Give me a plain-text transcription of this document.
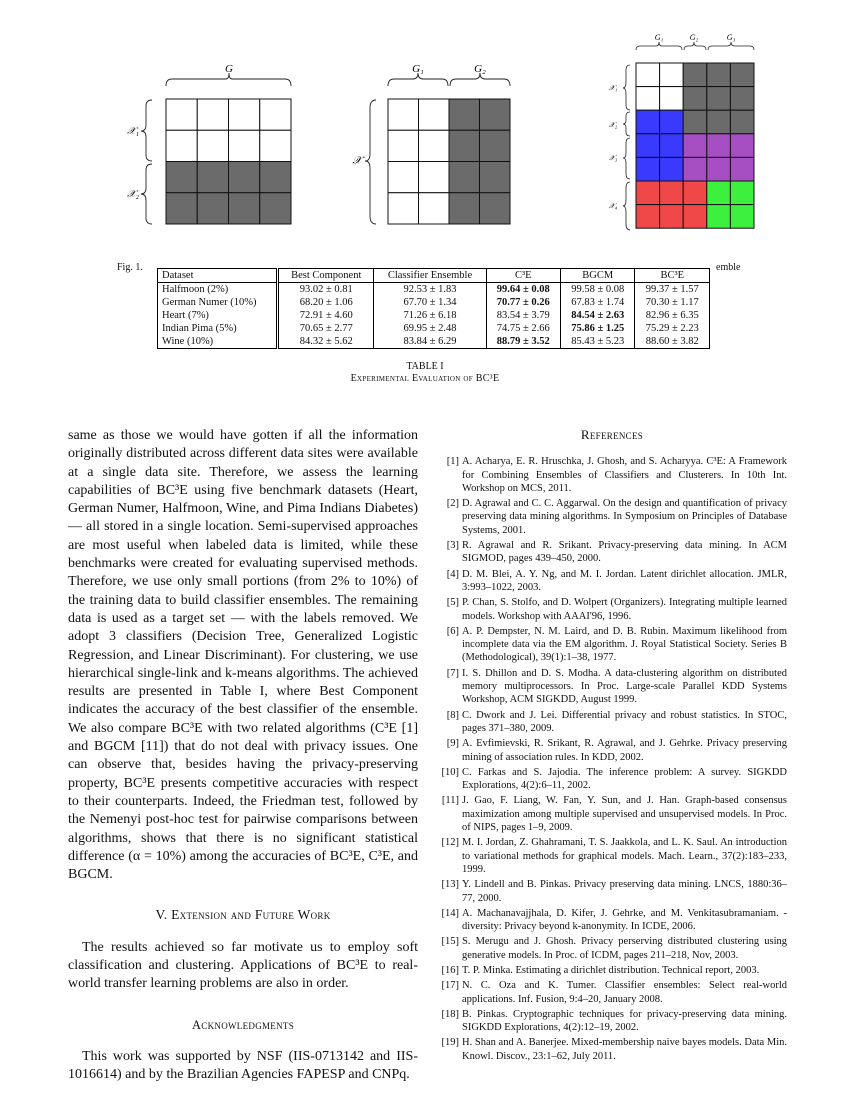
G
𝒳₁
𝒳₂
G₁	G₂
𝒳
G₁	G₂	G₃
𝒳₁
𝒳₂
𝒳₃
𝒳₄
Fig. 1.	emble
Dataset	Best Component	Classifier Ensemble	C³E	BGCM	BC³E
Halfmoon (2%)	93.02 ± 0.81	92.53 ± 1.83	99.64 ± 0.08	99.58 ± 0.08	99.37 ± 1.57
German Numer (10%)	68.20 ± 1.06	67.70 ± 1.34	70.77 ± 0.26	67.83 ± 1.74	70.30 ± 1.17
Heart (7%)	72.91 ± 4.60	71.26 ± 6.18	83.54 ± 3.79	84.54 ± 2.63	82.96 ± 6.35
Indian Pima (5%)	70.65 ± 2.77	69.95 ± 2.48	74.75 ± 2.66	75.86 ± 1.25	75.29 ± 2.23
Wine (10%)	84.32 ± 5.62	83.84 ± 6.29	88.79 ± 3.52	85.43 ± 5.23	88.60 ± 3.82
TABLE I
Experimental Evaluation of BC³E

same as those we would have gotten if all the information originally distributed across different data sites were available at a single data site. Therefore, we assess the learning capabilities of BC³E using five benchmark datasets (Heart, German Numer, Halfmoon, Wine, and Pima Indians Diabetes) — all stored in a single location. Semi-supervised approaches are most useful when labeled data is limited, while these benchmarks were created for evaluating supervised methods. Therefore, we use only small portions (from 2% to 10%) of the training data to build classifier ensembles. The remaining data is used as a target set — with the labels removed. We adopt 3 classifiers (Decision Tree, Generalized Logistic Regression, and Linear Discriminant). For clustering, we use hierarchical single-link and k-means algorithms. The achieved results are presented in Table I, where Best Component indicates the accuracy of the best classifier of the ensemble. We also compare BC³E with two related algorithms (C³E [1] and BGCM [11]) that do not deal with privacy issues. One can observe that, besides having the privacy-preserving property, BC³E presents competitive accuracies with respect to their counterparts. Indeed, the Friedman test, followed by the Nemenyi post-hoc test for pairwise comparisons between algorithms, shows that there is no significant statistical difference (α = 10%) among the accuracies of BC³E, C³E, and BGCM.

V. Extension and Future Work

The results achieved so far motivate us to employ soft classification and clustering. Applications of BC³E to real-world transfer learning problems are also in order.

Acknowledgments

This work was supported by NSF (IIS-0713142 and IIS-1016614) and by the Brazilian Agencies FAPESP and CNPq.

References
[1] A. Acharya, E. R. Hruschka, J. Ghosh, and S. Acharyya. C³E: A Framework for Combining Ensembles of Classifiers and Clusterers. In 10th Int. Workshop on MCS, 2011.
[2] D. Agrawal and C. C. Aggarwal. On the design and quantification of privacy preserving data mining algorithms. In Symposium on Principles of Database Systems, 2001.
[3] R. Agrawal and R. Srikant. Privacy-preserving data mining. In ACM SIGMOD, pages 439–450, 2000.
[4] D. M. Blei, A. Y. Ng, and M. I. Jordan. Latent dirichlet allocation. JMLR, 3:993–1022, 2003.
[5] P. Chan, S. Stolfo, and D. Wolpert (Organizers). Integrating multiple learned models. Workshop with AAAI'96, 1996.
[6] A. P. Dempster, N. M. Laird, and D. B. Rubin. Maximum likelihood from incomplete data via the EM algorithm. J. Royal Statistical Society. Series B (Methodological), 39(1):1–38, 1977.
[7] I. S. Dhillon and D. S. Modha. A data-clustering algorithm on distributed memory multiprocessors. In Proc. Large-scale Parallel KDD Systems Workshop, ACM SIGKDD, August 1999.
[8] C. Dwork and J. Lei. Differential privacy and robust statistics. In STOC, pages 371–380, 2009.
[9] A. Evfimievski, R. Srikant, R. Agrawal, and J. Gehrke. Privacy preserving mining of association rules. In KDD, 2002.
[10] C. Farkas and S. Jajodia. The inference problem: A survey. SIGKDD Explorations, 4(2):6–11, 2002.
[11] J. Gao, F. Liang, W. Fan, Y. Sun, and J. Han. Graph-based consensus maximization among multiple supervised and unsupervised models. In Proc. of NIPS, pages 1–9, 2009.
[12] M. I. Jordan, Z. Ghahramani, T. S. Jaakkola, and L. K. Saul. An introduction to variational methods for graphical models. Mach. Learn., 37(2):183–233, 1999.
[13] Y. Lindell and B. Pinkas. Privacy preserving data mining. LNCS, 1880:36–77, 2000.
[14] A. Machanavajjhala, D. Kifer, J. Gehrke, and M. Venkitasubramaniam. -diversity: Privacy beyond k-anonymity. In ICDE, 2006.
[15] S. Merugu and J. Ghosh. Privacy perserving distributed clustering using generative models. In Proc. of ICDM, pages 211–218, Nov, 2003.
[16] T. P. Minka. Estimating a dirichlet distribution. Technical report, 2003.
[17] N. C. Oza and K. Tumer. Classifier ensembles: Select real-world applications. Inf. Fusion, 9:4–20, January 2008.
[18] B. Pinkas. Cryptographic techniques for privacy-preserving data mining. SIGKDD Explorations, 4(2):12–19, 2002.
[19] H. Shan and A. Banerjee. Mixed-membership naive bayes models. Data Min. Knowl. Discov., 23:1–62, July 2011.
